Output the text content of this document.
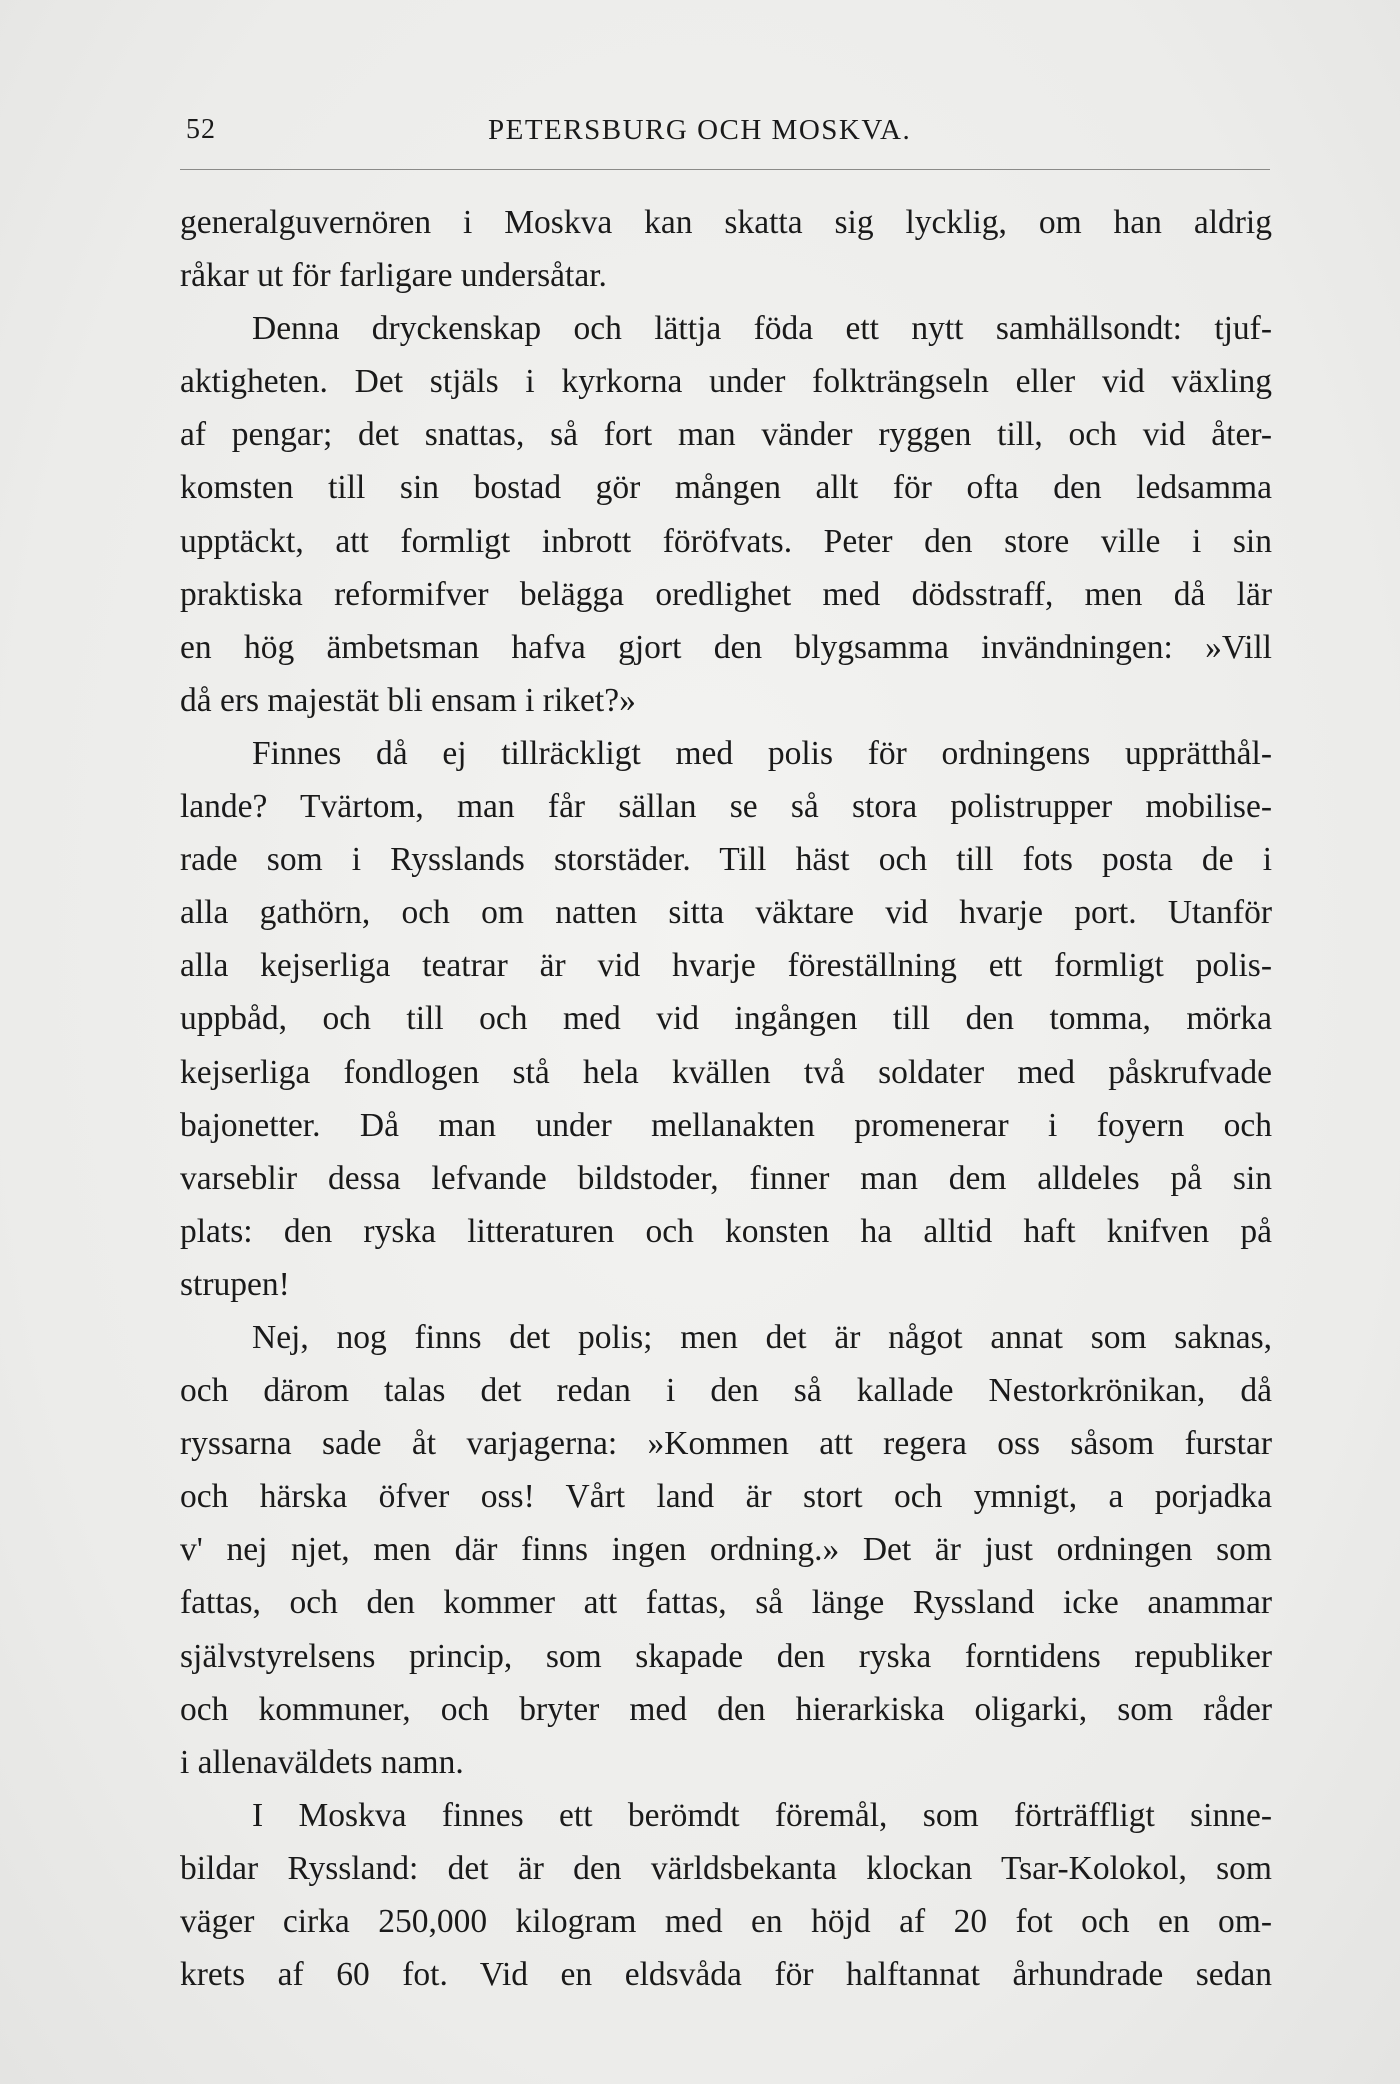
52	PETERSBURG OCH MOSKVA.
generalguvernören i Moskva kan skatta sig lycklig, om han aldrig
råkar ut för farligare undersåtar.
Denna dryckenskap och lättja föda ett nytt samhällsondt: tjuf-
aktigheten. Det stjäls i kyrkorna under folkträngseln eller vid växling
af pengar; det snattas, så fort man vänder ryggen till, och vid åter-
komsten till sin bostad gör mången allt för ofta den ledsamma
upptäckt, att formligt inbrott föröfvats. Peter den store ville i sin
praktiska reformifver belägga oredlighet med dödsstraff, men då lär
en hög ämbetsman hafva gjort den blygsamma invändningen: »Vill
då ers majestät bli ensam i riket?»
Finnes då ej tillräckligt med polis för ordningens upprätthål-
lande? Tvärtom, man får sällan se så stora polistrupper mobilise-
rade som i Rysslands storstäder. Till häst och till fots posta de i
alla gathörn, och om natten sitta väktare vid hvarje port. Utanför
alla kejserliga teatrar är vid hvarje föreställning ett formligt polis-
uppbåd, och till och med vid ingången till den tomma, mörka
kejserliga fondlogen stå hela kvällen två soldater med påskrufvade
bajonetter. Då man under mellanakten promenerar i foyern och
varseblir dessa lefvande bildstoder, finner man dem alldeles på sin
plats: den ryska litteraturen och konsten ha alltid haft knifven på
strupen!
Nej, nog finns det polis; men det är något annat som saknas,
och därom talas det redan i den så kallade Nestorkrönikan, då
ryssarna sade åt varjagerna: »Kommen att regera oss såsom furstar
och härska öfver oss! Vårt land är stort och ymnigt, a porjadka
v' nej njet, men där finns ingen ordning.» Det är just ordningen som
fattas, och den kommer att fattas, så länge Ryssland icke anammar
självstyrelsens princip, som skapade den ryska forntidens republiker
och kommuner, och bryter med den hierarkiska oligarki, som råder
i allenaväldets namn.
I Moskva finnes ett berömdt föremål, som förträffligt sinne-
bildar Ryssland: det är den världsbekanta klockan Tsar-Kolokol, som
väger cirka 250,000 kilogram med en höjd af 20 fot och en om-
krets af 60 fot. Vid en eldsvåda för halftannat århundrade sedan
